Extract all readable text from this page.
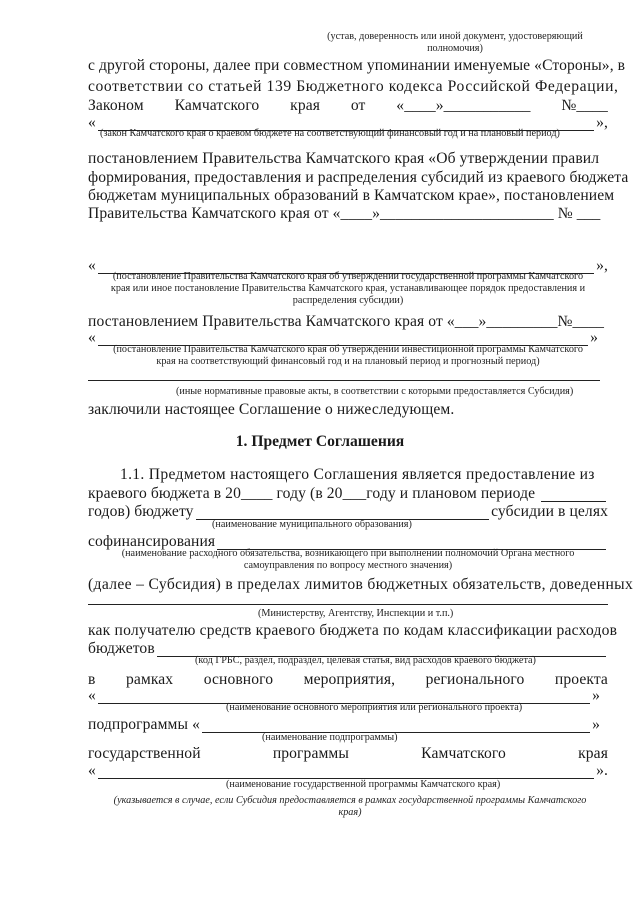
(устав, доверенность или иной документ, удостоверяющий
полномочия)
с другой стороны, далее при совместном упоминании именуемые «Стороны», в
соответствии со статьей 139 Бюджетного кодекса Российской Федерации,
Законом Камчатского края от «____»___________ №____
«	»,
(закон Камчатского края о краевом бюджете на соответствующий финансовый год и на плановый период)
постановлением Правительства Камчатского края «Об утверждении правил
формирования, предоставления и распределения субсидий из краевого бюджета
бюджетам муниципальных образований в Камчатском крае», постановлением
Правительства Камчатского края от «____»______________________ № ___
«	»,
(постановление Правительства Камчатского края об утверждении государственной программы Камчатского
края или иное постановление Правительства Камчатского края, устанавливающее порядок предоставления и
распределения субсидии)
постановлением Правительства Камчатского края от «___»_________№____
«	»
(постановление Правительства Камчатского края об утверждении инвестиционной программы Камчатского
края на соответствующий финансовый год и на плановый период и прогнозный период)
(иные нормативные правовые акты, в соответствии с которыми предоставляется Субсидия)
заключили настоящее Соглашение о нижеследующем.
1. Предмет Соглашения
1.1. Предметом настоящего Соглашения является предоставление из
краевого бюджета в 20____ году (в 20___году и плановом периоде
годов) бюджету	субсидии в целях
(наименование муниципального образования)
софинансирования
(наименование расходного обязательства, возникающего при выполнении полномочий Органа местного
самоуправления по вопросу местного значения)
(далее – Субсидия) в пределах лимитов бюджетных обязательств, доведенных
(Министерству, Агентству, Инспекции и т.п.)
как получателю средств краевого бюджета по кодам классификации расходов
бюджетов
(код ГРБС, раздел, подраздел, целевая статья, вид расходов краевого бюджета)
в рамках основного мероприятия, регионального проекта
«	»
(наименование основного мероприятия или регионального проекта)
подпрограммы «	»
(наименование подпрограммы)
государственной	программы	Камчатского	края
«	».
(наименование государственной программы Камчатского края)
(указывается в случае, если Субсидия предоставляется в рамках государственной программы Камчатского
края)
